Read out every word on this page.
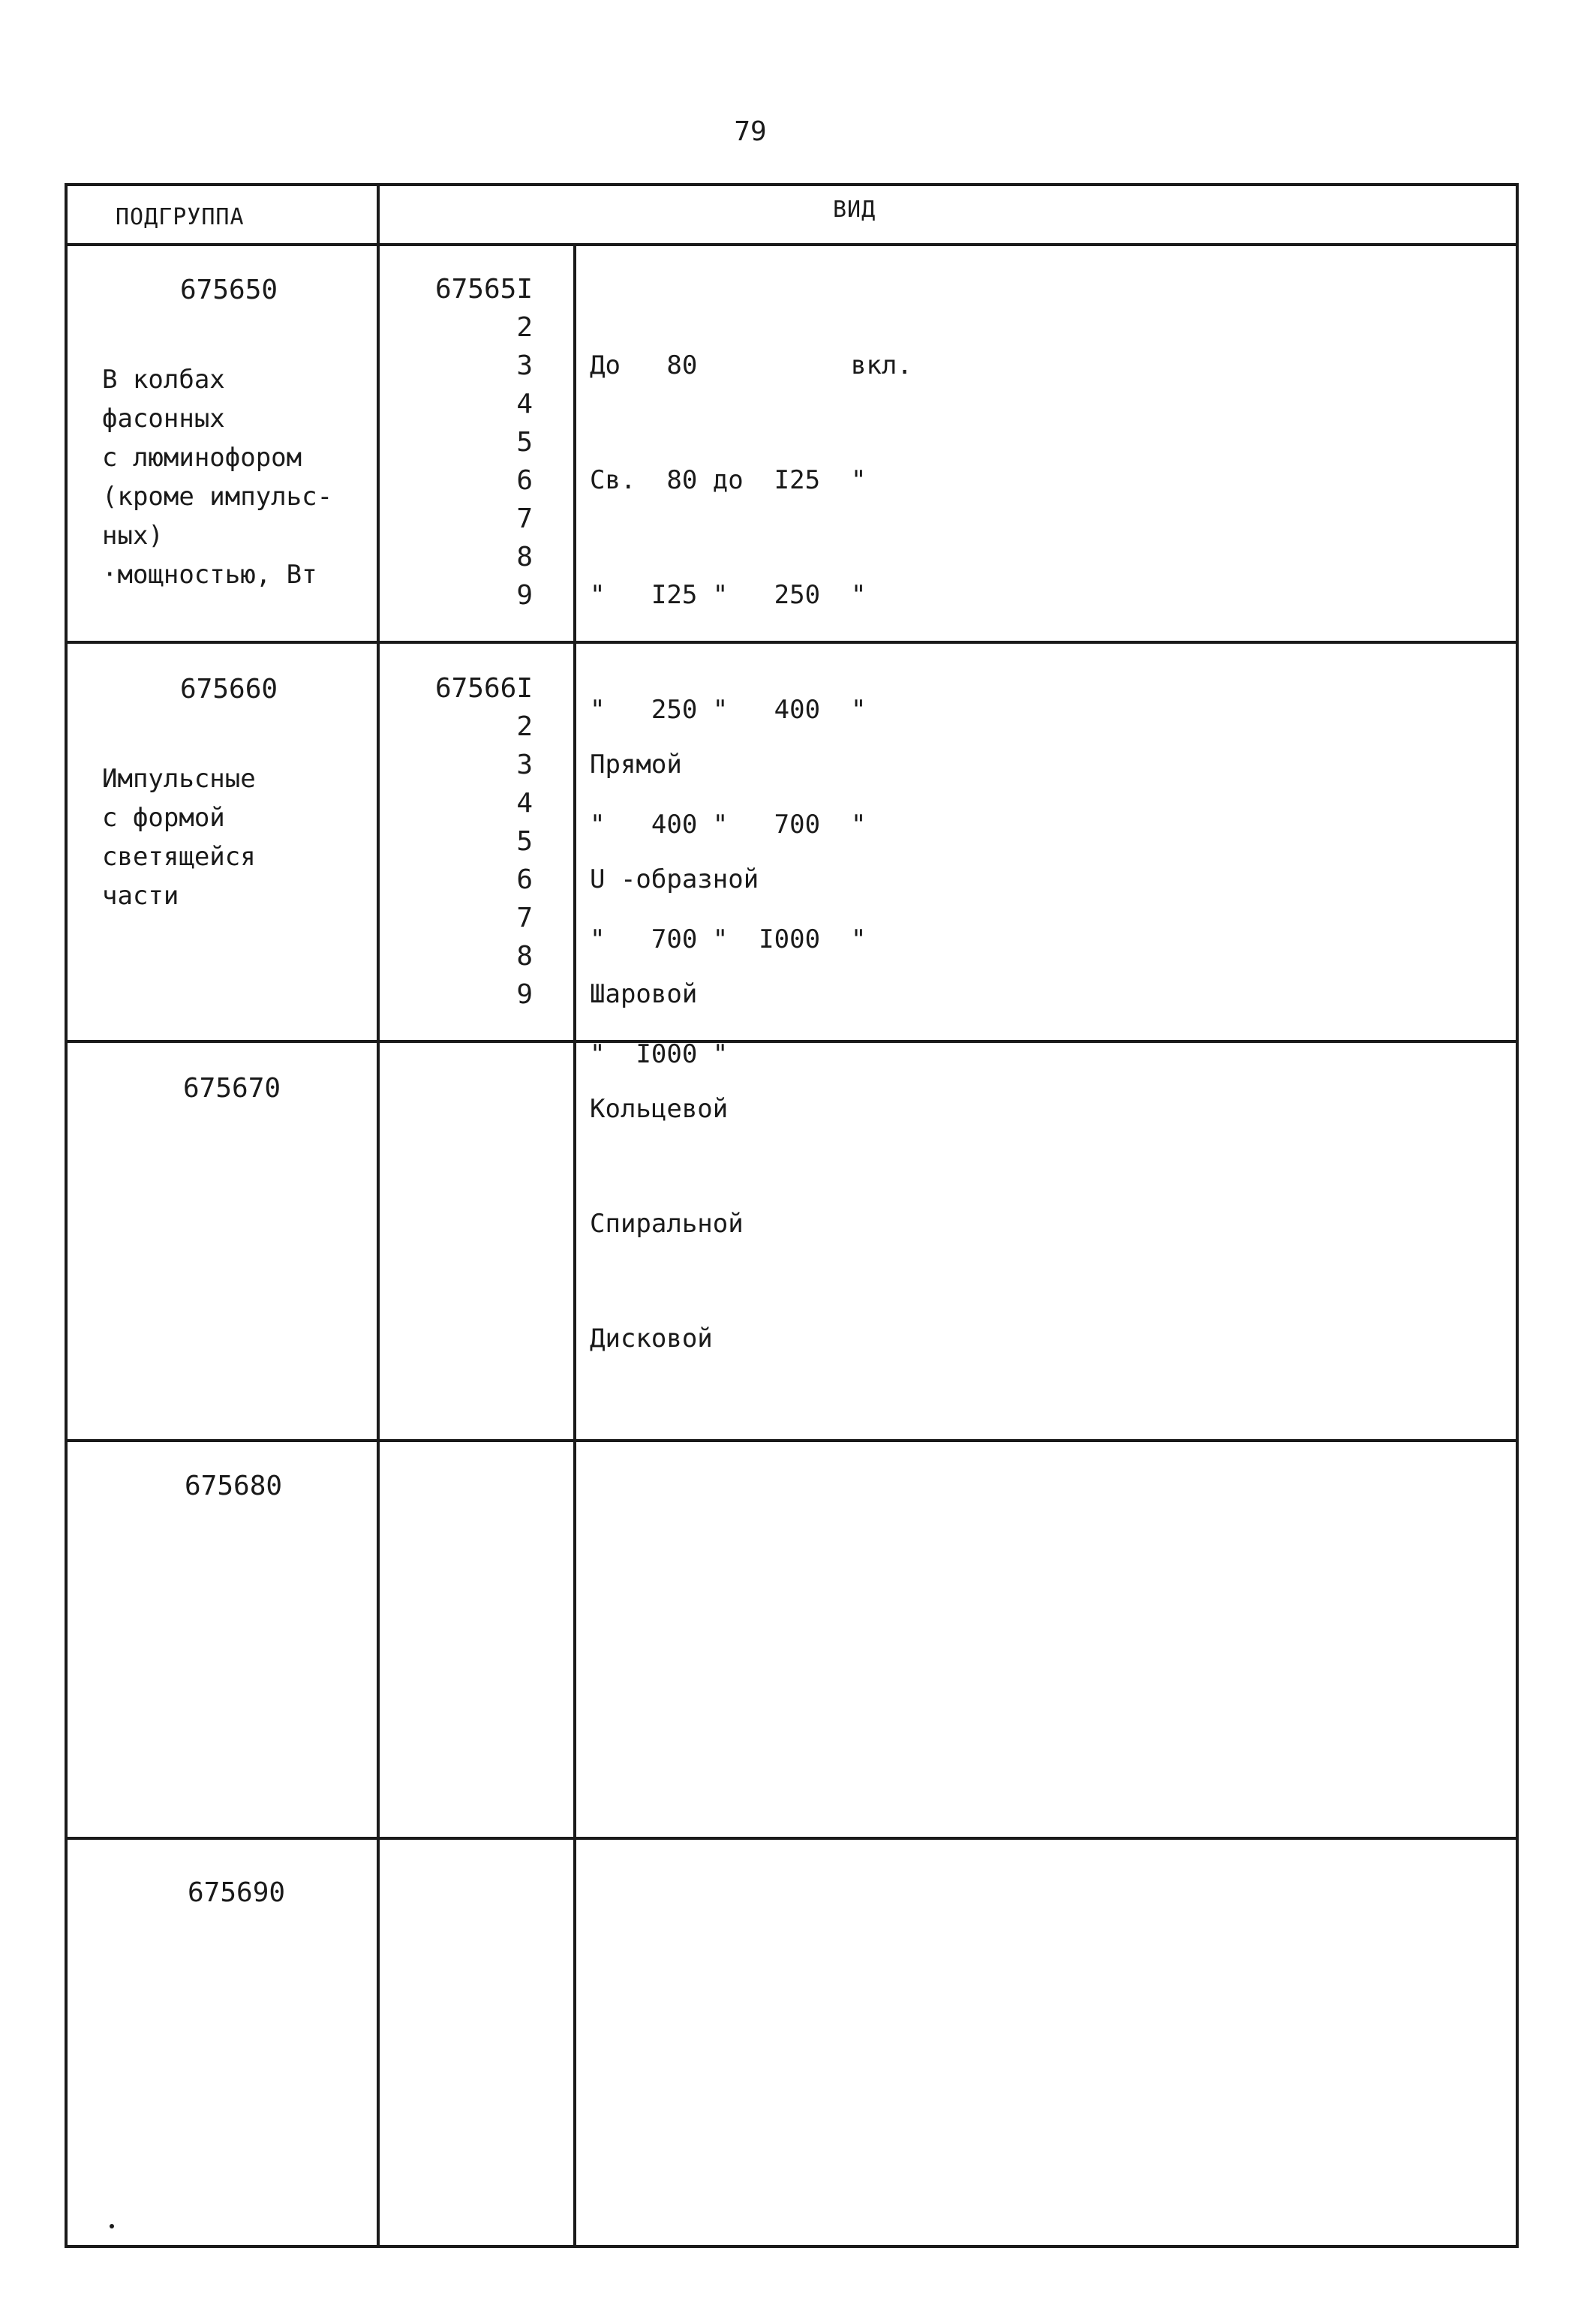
79
ПОДГРУППА	ВИД
675650
В колбах
фасонных
с люминофором
(кроме импульс-
ных)
·мощностью, Вт
67565I
2
3
4
5
6
7
8
9

До   80          вкл.

Св.  80 до  I25  "

"   I25 "   250  "

"   250 "   400  "

"   400 "   700  "

"   700 "  I000  "

"  I000 "

675660
Импульсные
с формой
светящейся
части
67566I
2
3
4
5
6
7
8
9

Прямой

U -образной

Шаровой

Кольцевой

Спиральной

Дисковой

675670
675680
675690
